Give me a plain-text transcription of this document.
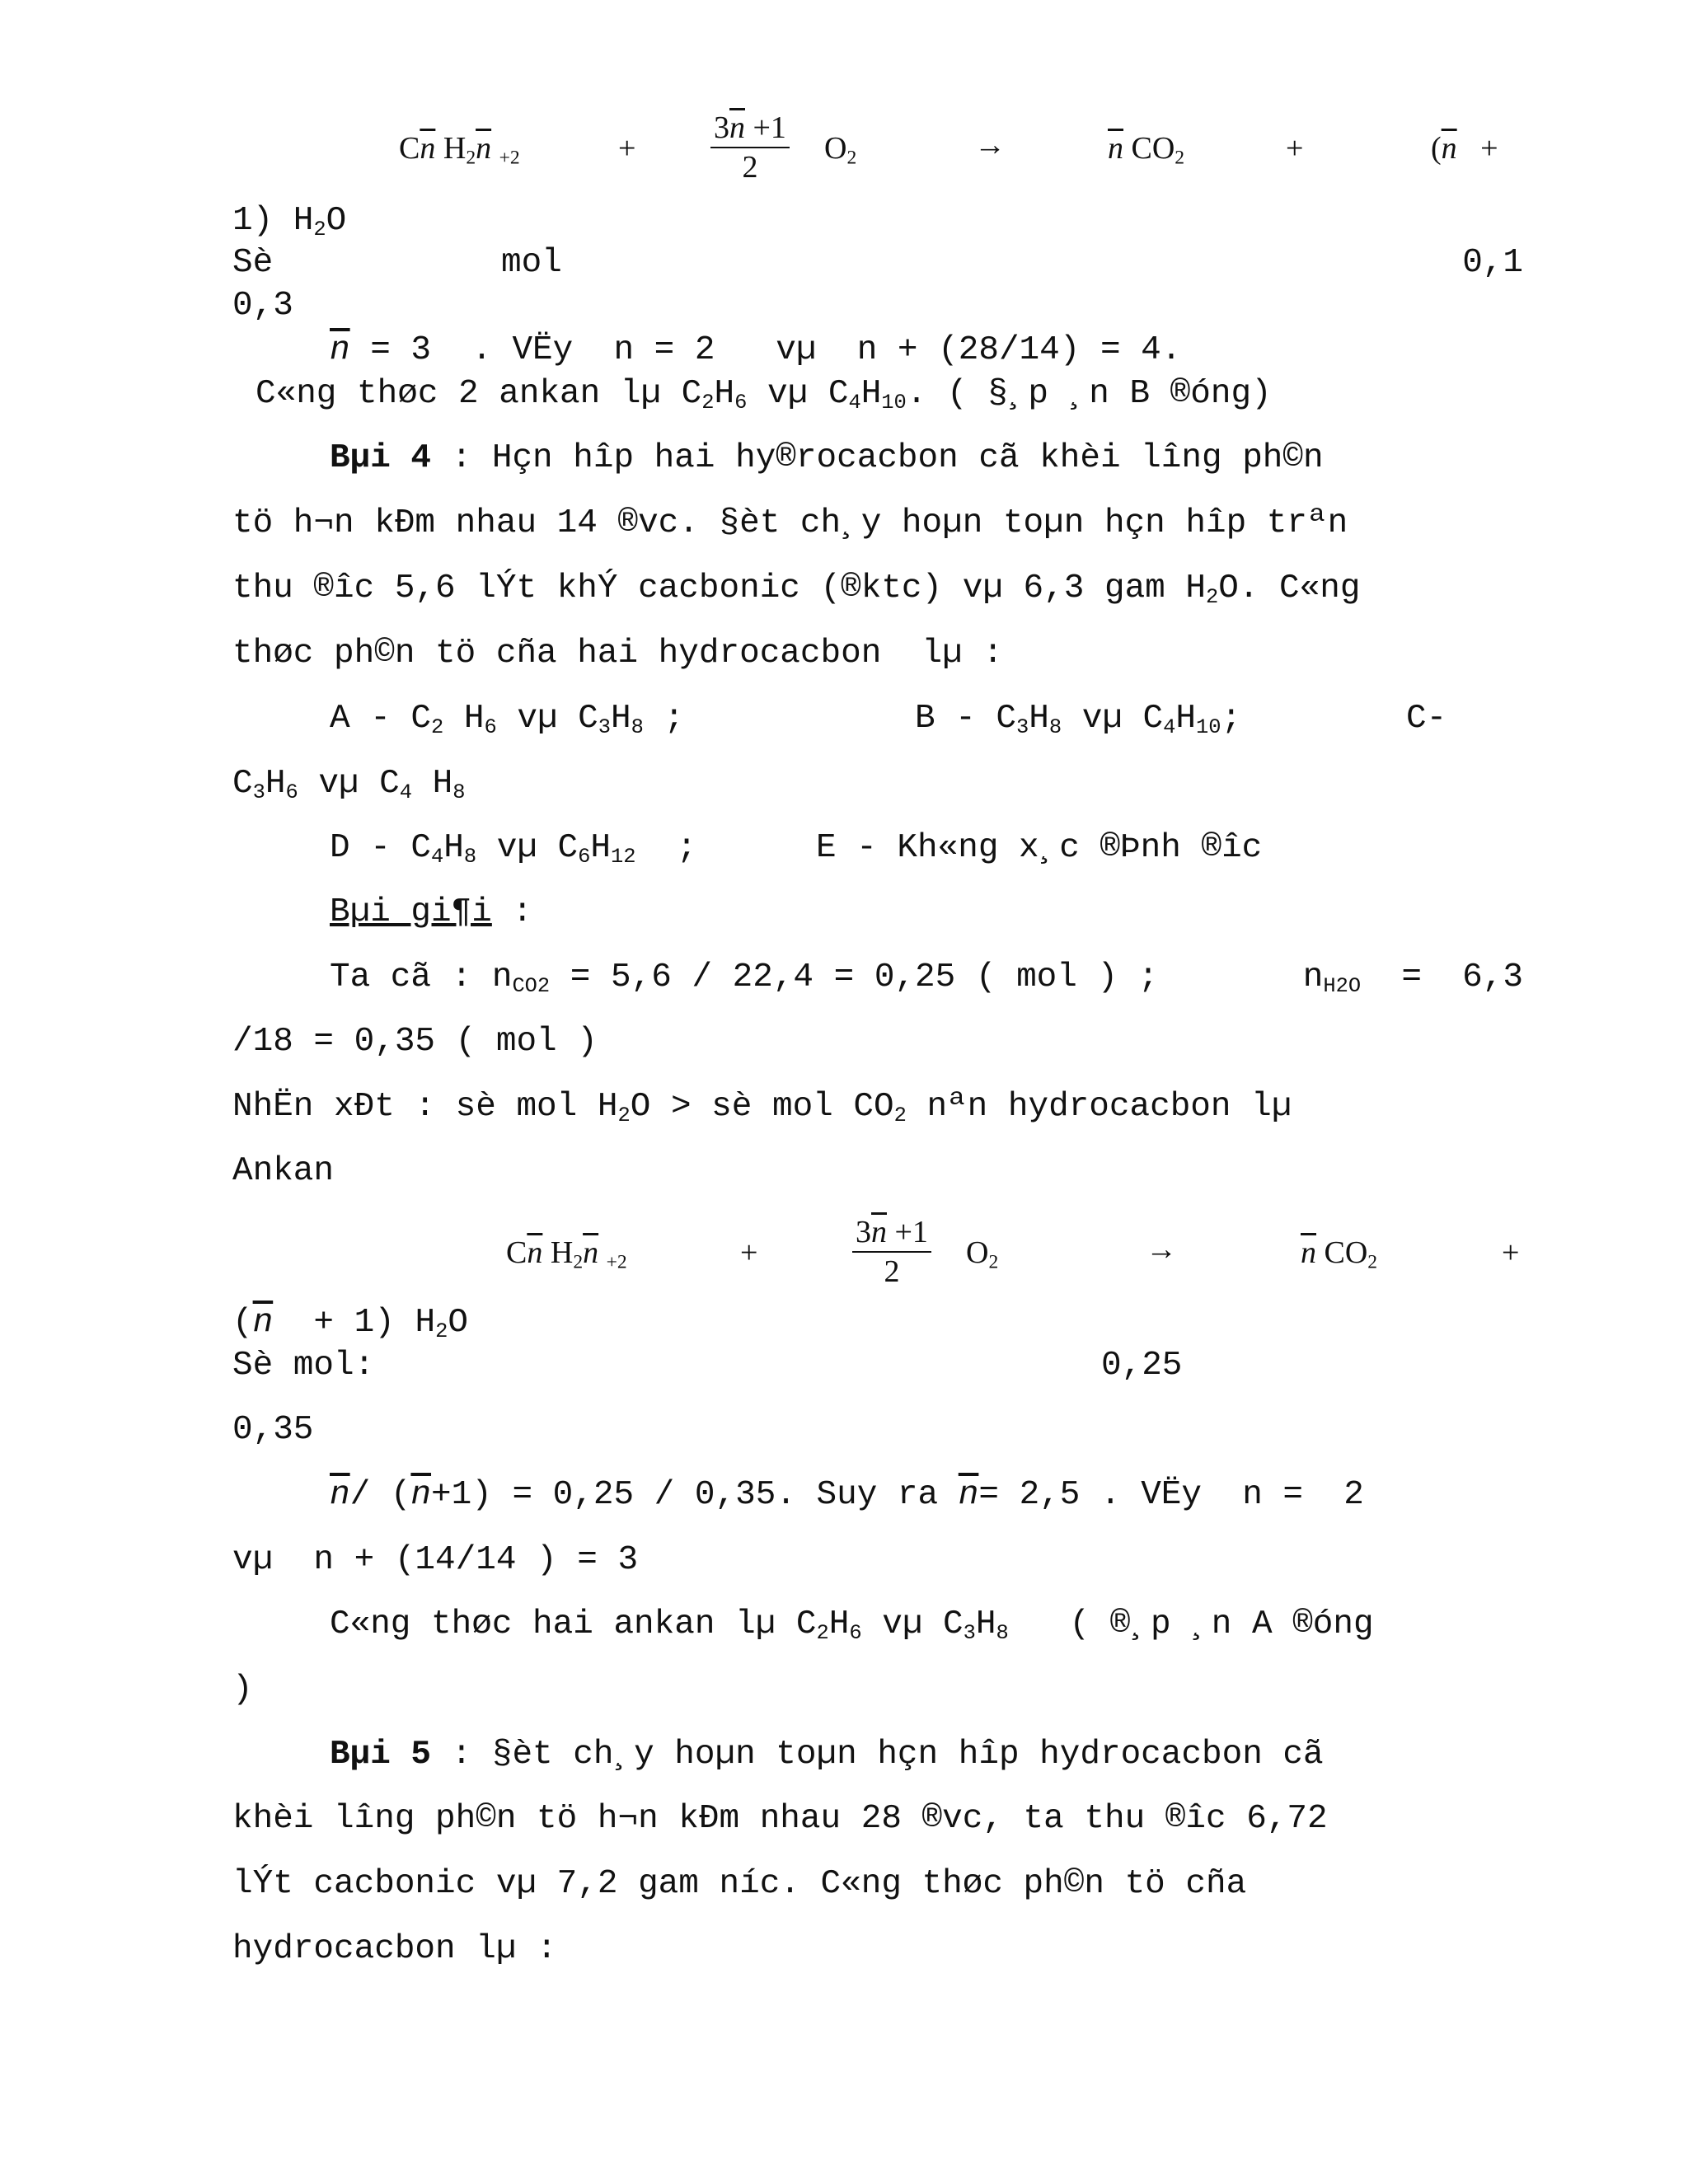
$C\overline{n}$ $H_2\overline{n}$ $_{+2}$	+ $\frac{3\overline{n} +1}{2} O_2$	→	$\overline{n}$ $CO_2$	+	($\overline{n}$   +
1) $H_2O$
Sè	mol	0,1
0,3
$\overline{n} = 3$  . VËy  n = 2   vµ  n + (28/14) = 4.
C«ng thøc 2 ankan lµ $C_2H_6$ vµ $C_4H_{10}$. ( §¸p ¸n B ®óng)
Bµi 4 : Hçn hîp hai hy®rocacbon cã khèi lîng ph©n
tö h¬n kÐm nhau 14 ®vc. §èt ch¸y hoµn toµn hçn hîp trªn
thu ®îc 5,6 lÝt khÝ cacbonic (®ktc) vµ 6,3 gam $H_2O$. C«ng
thøc ph©n tö cña hai hydrocacbon  lµ :
A - $C_2$ $H_6$ vµ $C_3H_8$ ;	B - $C_3H_8$ vµ $C_4H_{10}$;	C-
$C_3H_6$ vµ $C_4$ $H_8$
D - $C_4H_8$ vµ $C_6H_{12}$  ;	E - Kh«ng x¸c ®Þnh ®îc
Bµi gi¶i :
Ta cã : $n_{CO2} = 5,6 / 22,4 = 0,25$ ( mol ) ;	$n_{H2O} = 6,3$
/18 = 0,35 ( mol )
NhËn xÐt : sè mol $H_2O$ > sè mol $CO_2$ nªn hydrocacbon lµ
Ankan
$C\overline{n}$ $H_2\overline{n}$ $_{+2}$	+	$\frac{3\overline{n} +1}{2} O_2$	→	$\overline{n}$ $CO_2$	+
$(\overline{n} + 1)$ $H_2O$
Sè mol:	0,25
0,35
$\overline{n}/$ $(\overline{n}+1) = 0,25 / 0,35$. Suy ra $\overline{n}= 2,5$ . VËy  n =  2
vµ  n + (14/14 ) = 3
C«ng thøc hai ankan lµ $C_2H_6$ vµ $C_3H_8$   ( ®¸p ¸n A ®óng
)
Bµi 5 : §èt ch¸y hoµn toµn hçn hîp hydrocacbon cã
khèi lîng ph©n tö h¬n kÐm nhau 28 ®vc, ta thu ®îc 6,72
lÝt cacbonic vµ 7,2 gam níc. C«ng thøc ph©n tö cña
hydrocacbon lµ :
